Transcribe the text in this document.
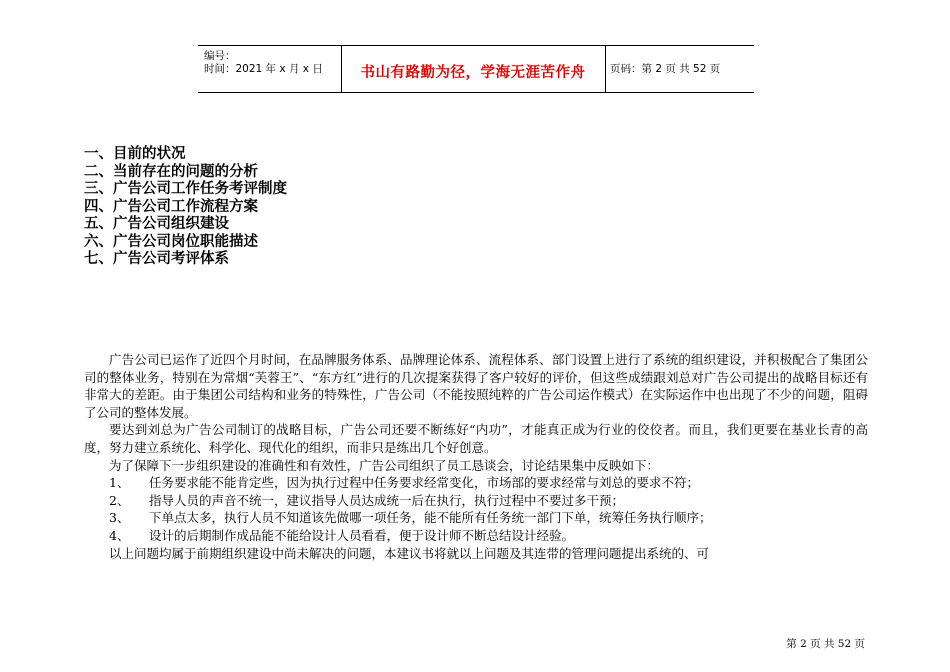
编号：
时间：2021 年 x 月 x 日	书山有路勤为径，学海无涯苦作舟	页码：第 2 页 共 52 页
一、目前的状况
二、当前存在的问题的分析
三、广告公司工作任务考评制度
四、广告公司工作流程方案
五、广告公司组织建设
六、广告公司岗位职能描述
七、广告公司考评体系

广告公司已运作了近四个月时间，在品牌服务体系、品牌理论体系、流程体系、部门设置上进行了系统的组织建设，并积极配合了集团公司的整体业务，特别在为常烟“芙蓉王”、“东方红”进行的几次提案获得了客户较好的评价，但这些成绩跟刘总对广告公司提出的战略目标还有非常大的差距。由于集团公司结构和业务的特殊性，广告公司（不能按照纯粹的广告公司运作模式）在实际运作中也出现了不少的问题，阻碍了公司的整体发展。

要达到刘总为广告公司制订的战略目标，广告公司还要不断练好“内功”，才能真正成为行业的佼佼者。而且，我们更要在基业长青的高度，努力建立系统化、科学化、现代化的组织，而非只是练出几个好创意。

为了保障下一步组织建设的准确性和有效性，广告公司组织了员工恳谈会，讨论结果集中反映如下：

1、 任务要求能不能肯定些，因为执行过程中任务要求经常变化，市场部的要求经常与刘总的要求不符；
2、 指导人员的声音不统一，建议指导人员达成统一后在执行，执行过程中不要过多干预；
3、 下单点太多，执行人员不知道该先做哪一项任务，能不能所有任务统一部门下单，统筹任务执行顺序；
4、 设计的后期制作成品能不能给设计人员看看，便于设计师不断总结设计经验。

以上问题均属于前期组织建设中尚未解决的问题，本建议书将就以上问题及其连带的管理问题提出系统的、可

第 2 页 共 52 页
